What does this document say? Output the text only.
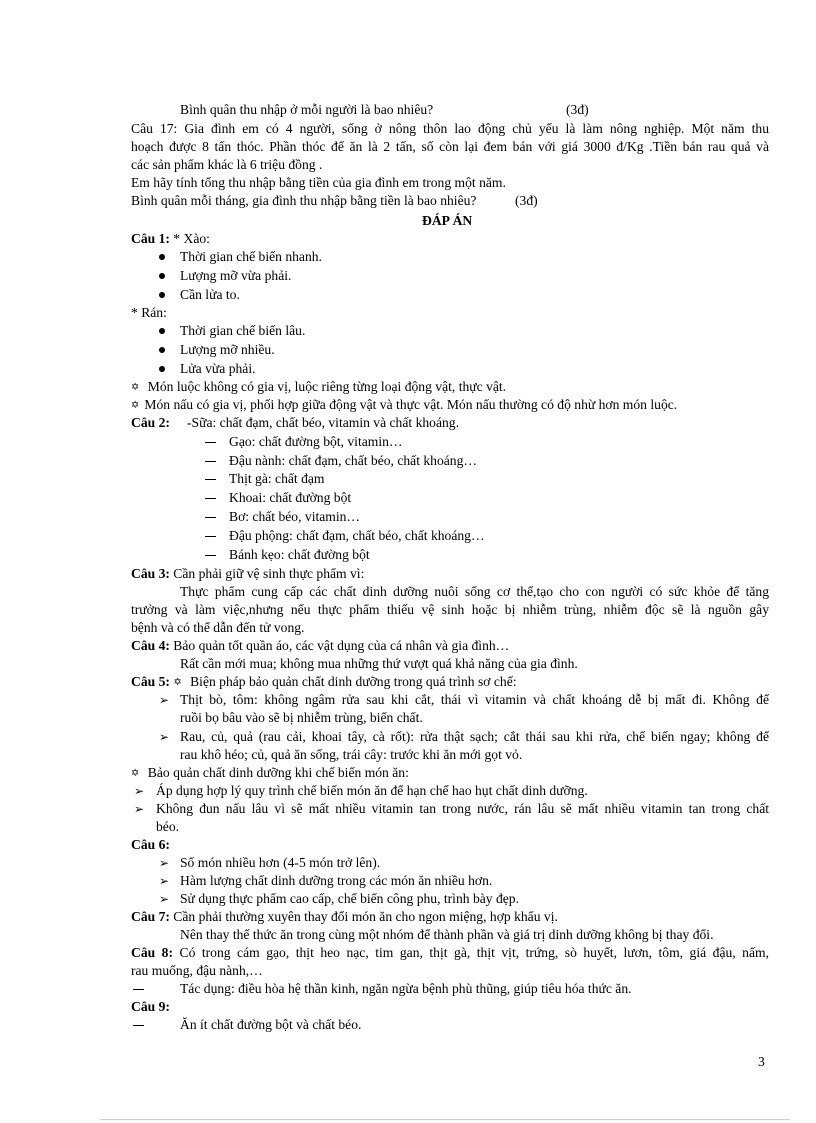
Bình quân thu nhập ở mỗi người là bao nhiêu?	(3đ)
Câu 17: Gia đình em có 4 người, sống ở nông thôn lao động chủ yếu là làm nông nghiệp. Một năm thu
hoạch được 8 tấn thóc. Phần thóc để ăn là 2 tấn, số còn lại đem bán với giá 3000 đ/Kg .Tiền bán rau quả và
các sản phẩm khác là 6 triệu đồng .
Em hãy tính tổng thu nhập bằng tiền của gia đình em trong một năm.
Bình quân mỗi tháng, gia đình thu nhập bằng tiền là bao nhiêu?	(3đ)
ĐÁP ÁN
Câu 1: * Xào:
Thời gian chế biến nhanh.
Lượng mỡ vừa phải.
Cần lửa to.
* Rán:
Thời gian chế biến lâu.
Lượng mỡ nhiều.
Lửa vừa phải.
✡ Món luộc không có gia vị, luộc riêng từng loại động vật, thực vật.
✡ Món nấu có gia vị, phối hợp giữa động vật và thực vật. Món nấu thường có độ nhừ hơn món luộc.
Câu 2: -Sữa: chất đạm, chất béo, vitamin và chất khoáng.
Gạo: chất đường bột, vitamin…
Đậu nành: chất đạm, chất béo, chất khoáng…
Thịt gà: chất đạm
Khoai: chất đường bột
Bơ: chất béo, vitamin…
Đậu phộng: chất đạm, chất béo, chất khoáng…
Bánh kẹo: chất đường bột
Câu 3: Cần phải giữ vệ sinh thực phẩm vì:
Thực phẩm cung cấp các chất dinh dưỡng nuôi sống cơ thể,tạo cho con người có sức khỏe để tăng
trưởng và làm việc,nhưng nếu thực phẩm thiếu vệ sinh hoặc bị nhiễm trùng, nhiễm độc sẽ là nguồn gây
bệnh và có thể dẫn đến tử vong.
Câu 4: Bảo quản tốt quần áo, các vật dụng của cá nhân và gia đình…
Rất cần mới mua; không mua những thứ vượt quá khả năng của gia đình.
Câu 5: ✡ Biện pháp bảo quản chất dinh dưỡng trong quá trình sơ chế:
➢ Thịt bò, tôm: không ngâm rửa sau khi cắt, thái vì vitamin và chất khoáng dễ bị mất đi. Không để
ruồi bọ bâu vào sẽ bị nhiễm trùng, biến chất.
➢ Rau, củ, quả (rau cải, khoai tây, cà rốt): rửa thật sạch; cắt thái sau khi rửa, chế biến ngay; không để
rau khô héo; củ, quả ăn sống, trái cây: trước khi ăn mới gọt vỏ.
✡ Bảo quản chất dinh dưỡng khi chế biến món ăn:
➢ Áp dụng hợp lý quy trình chế biến món ăn để hạn chế hao hụt chất dinh dưỡng.
➢ Không đun nấu lâu vì sẽ mất nhiều vitamin tan trong nước, rán lâu sẽ mất nhiều vitamin tan trong chất
béo.
Câu 6:
➢ Số món nhiều hơn (4-5 món trở lên).
➢ Hàm lượng chất dinh dưỡng trong các món ăn nhiều hơn.
➢ Sử dụng thực phẩm cao cấp, chế biến công phu, trình bày đẹp.
Câu 7: Cần phải thường xuyên thay đổi món ăn cho ngon miệng, hợp khẩu vị.
Nên thay thế thức ăn trong cùng một nhóm để thành phần và giá trị dinh dưỡng không bị thay đổi.
Câu 8: Có trong cám gạo, thịt heo nạc, tim gan, thịt gà, thịt vịt, trứng, sò huyết, lươn, tôm, giá đậu, nấm,
rau muống, đậu nành,…
Tác dụng: điều hòa hệ thần kinh, ngăn ngừa bệnh phù thũng, giúp tiêu hóa thức ăn.
Câu 9:
Ăn ít chất đường bột và chất béo.
3
